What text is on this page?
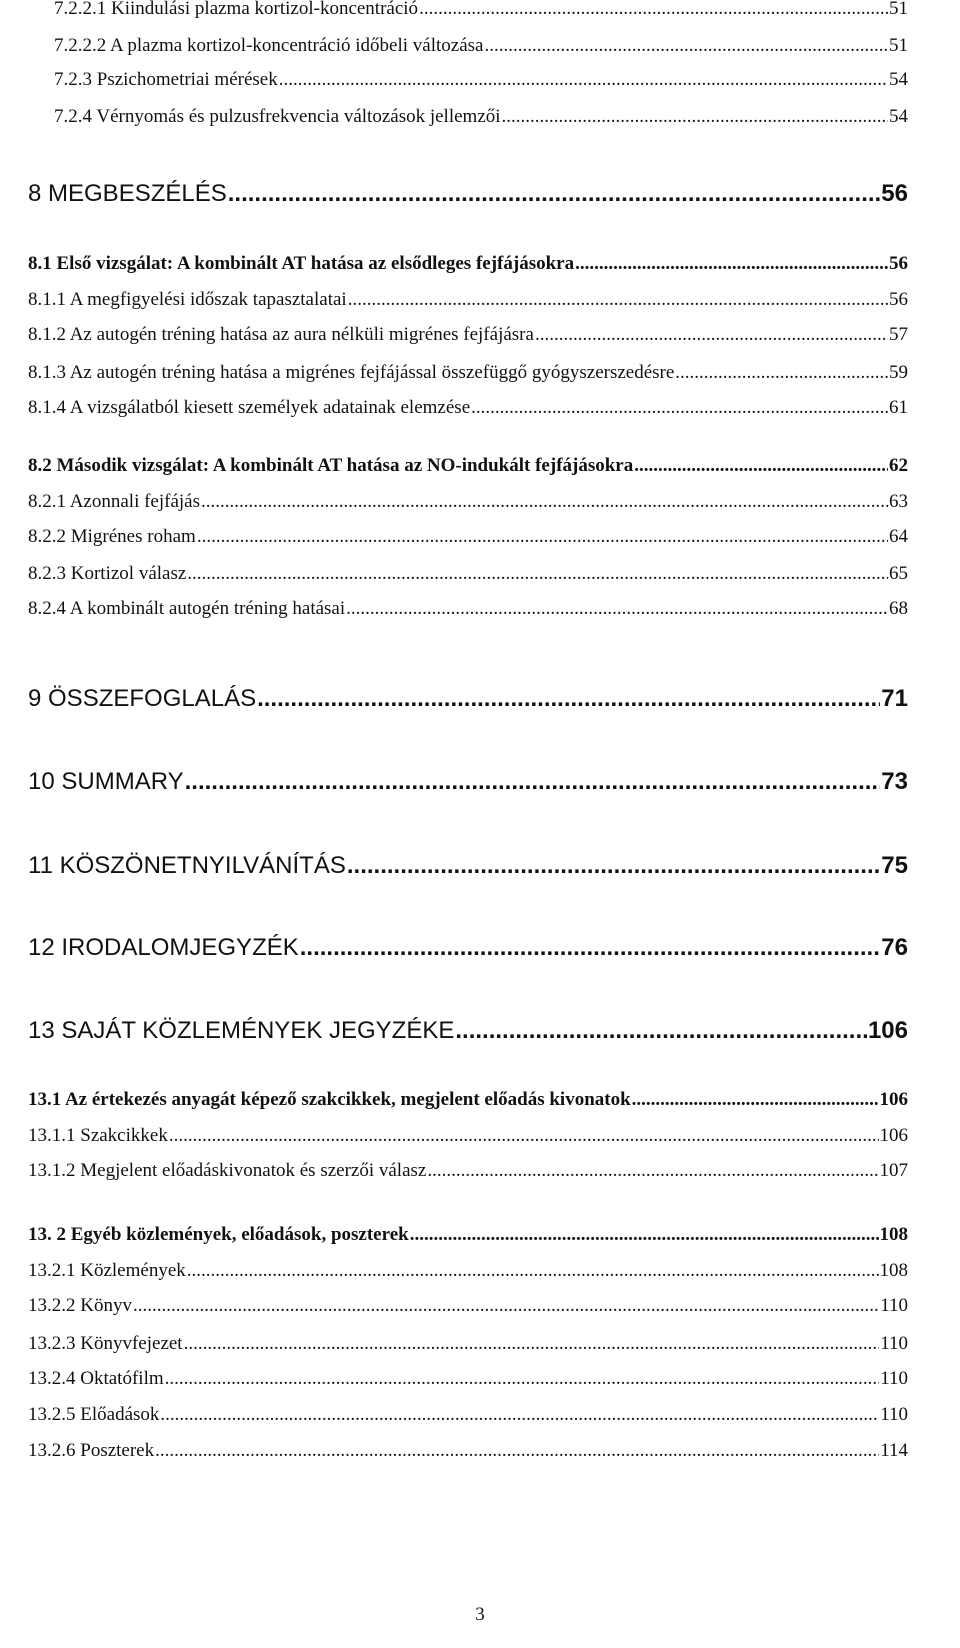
7.2.2.1 Kiindulási plazma kortizol-koncentráció .....	51
7.2.2.2 A plazma kortizol-koncentráció időbeli változása .....	51
7.2.3 Pszichometriai mérések .....	54
7.2.4 Vérnyomás és pulzusfrekvencia változások jellemzői .....	54
8 MEGBESZÉLÉS .....	56
8.1 Első vizsgálat: A kombinált AT hatása az elsődleges fejfájásokra .....	56
8.1.1 A megfigyelési időszak tapasztalatai .....	56
8.1.2 Az autogén tréning hatása az aura nélküli migrénes fejfájásra .....	57
8.1.3 Az autogén tréning hatása a migrénes fejfájással összefüggő gyógyszerszedésre .....	59
8.1.4 A vizsgálatból kiesett személyek adatainak elemzése .....	61
8.2 Második vizsgálat: A kombinált AT hatása az NO-indukált fejfájásokra .....	62
8.2.1 Azonnali fejfájás .....	63
8.2.2 Migrénes roham .....	64
8.2.3 Kortizol válasz .....	65
8.2.4 A kombinált autogén tréning hatásai .....	68
9 ÖSSZEFOGLALÁS .....	71
10 SUMMARY .....	73
11 KÖSZÖNETNYILVÁNÍTÁS .....	75
12 IRODALOMJEGYZÉK .....	76
13 SAJÁT KÖZLEMÉNYEK JEGYZÉKE .....	106
13.1 Az értekezés anyagát képező szakcikkek, megjelent előadás kivonatok .....	106
13.1.1 Szakcikkek .....	106
13.1.2 Megjelent előadáskivonatok és szerzői válasz .....	107
13. 2 Egyéb közlemények, előadások, poszterek .....	108
13.2.1 Közlemények .....	108
13.2.2 Könyv .....	110
13.2.3 Könyvfejezet .....	110
13.2.4 Oktatófilm .....	110
13.2.5 Előadások .....	110
13.2.6 Poszterek .....	114
3
